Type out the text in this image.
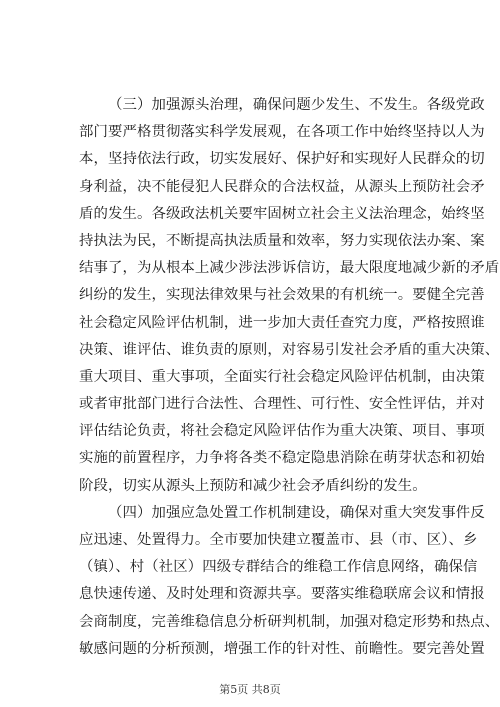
（三）加强源头治理，确保问题少发生、不发生。各级党政
部门要严格贯彻落实科学发展观，在各项工作中始终坚持以人为
本，坚持依法行政，切实发展好、保护好和实现好人民群众的切
身利益，决不能侵犯人民群众的合法权益，从源头上预防社会矛
盾的发生。各级政法机关要牢固树立社会主义法治理念，始终坚
持执法为民，不断提高执法质量和效率，努力实现依法办案、案
结事了，为从根本上减少涉法涉诉信访，最大限度地减少新的矛盾
纠纷的发生，实现法律效果与社会效果的有机统一。要健全完善
社会稳定风险评估机制，进一步加大责任查究力度，严格按照谁
决策、谁评估、谁负责的原则，对容易引发社会矛盾的重大决策、
重大项目、重大事项，全面实行社会稳定风险评估机制，由决策
或者审批部门进行合法性、合理性、可行性、安全性评估，并对
评估结论负责，将社会稳定风险评估作为重大决策、项目、事项
实施的前置程序，力争将各类不稳定隐患消除在萌芽状态和初始
阶段，切实从源头上预防和减少社会矛盾纠纷的发生。
（四）加强应急处置工作机制建设，确保对重大突发事件反
应迅速、处置得力。全市要加快建立覆盖市、县（市、区）、乡
（镇）、村（社区）四级专群结合的维稳工作信息网络，确保信
息快速传递、及时处理和资源共享。要落实维稳联席会议和情报
会商制度，完善维稳信息分析研判机制，加强对稳定形势和热点、
敏感问题的分析预测，增强工作的针对性、前瞻性。要完善处置
第5页 共8页
